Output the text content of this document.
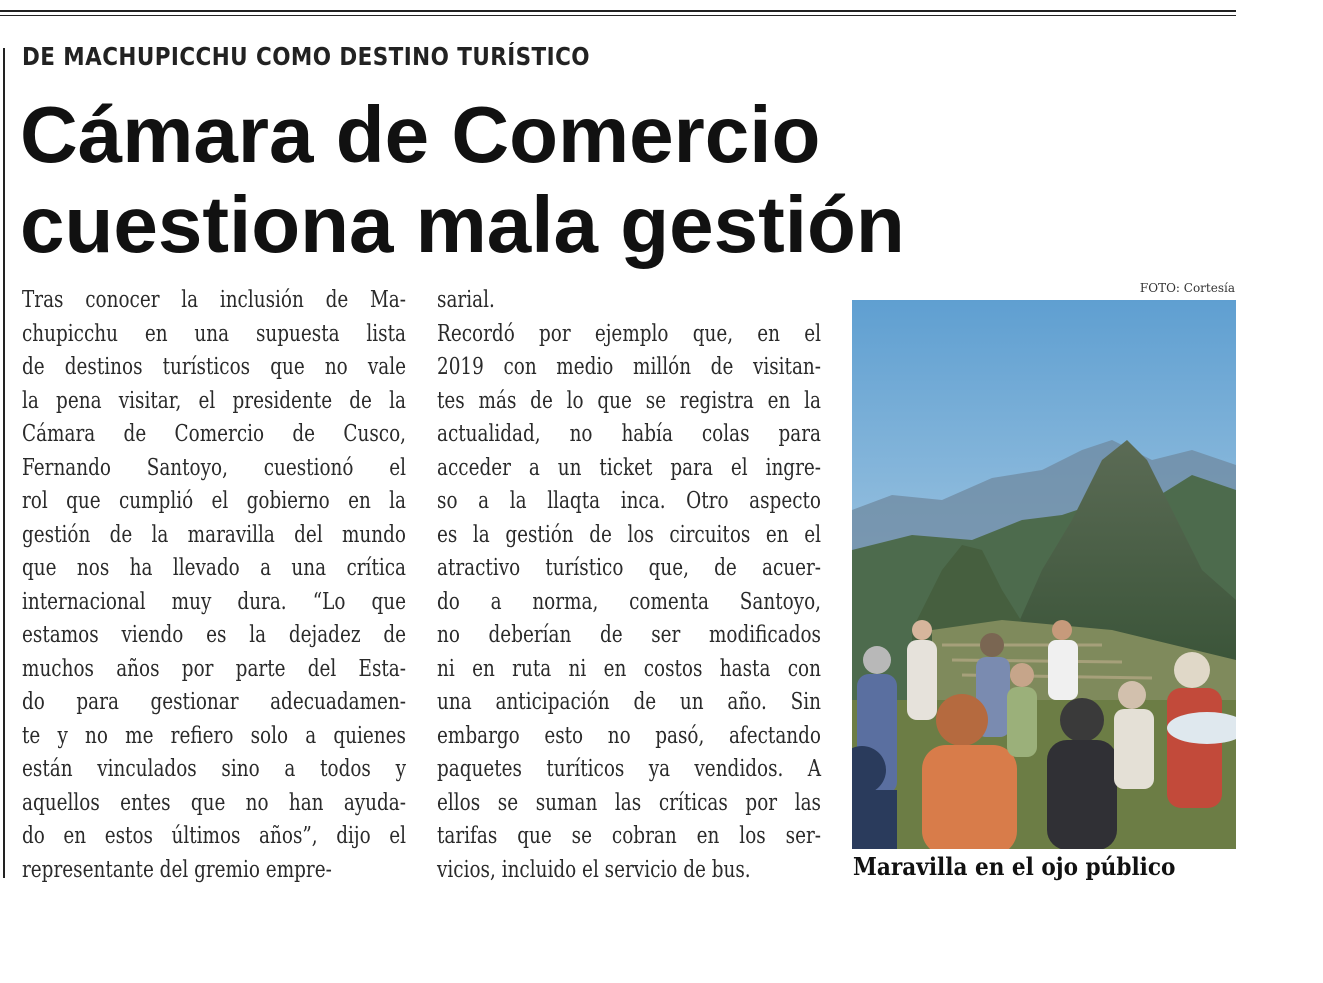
DE MACHUPICCHU COMO DESTINO TURÍSTICO
Cámara de Comercio
cuestiona mala gestión
Tras conocer la inclusión de Ma-
chupicchu en una supuesta lista
de destinos turísticos que no vale
la pena visitar, el presidente de la
Cámara de Comercio de Cusco,
Fernando Santoyo, cuestionó el
rol que cumplió el gobierno en la
gestión de la maravilla del mundo
que nos ha llevado a una crítica
internacional muy dura. “Lo que
estamos viendo es la dejadez de
muchos años por parte del Esta-
do para gestionar adecuadamen-
te y no me refiero solo a quienes
están vinculados sino a todos y
aquellos entes que no han ayuda-
do en estos últimos años”, dijo el
representante del gremio empre-
sarial.
Recordó por ejemplo que, en el
2019 con medio millón de visitan-
tes más de lo que se registra en la
actualidad, no había colas para
acceder a un ticket para el ingre-
so a la llaqta inca. Otro aspecto
es la gestión de los circuitos en el
atractivo turístico que, de acuer-
do a norma, comenta Santoyo,
no deberían de ser modificados
ni en ruta ni en costos hasta con
una anticipación de un año. Sin
embargo esto no pasó, afectando
paquetes turíticos ya vendidos. A
ellos se suman las críticas por las
tarifas que se cobran en los ser-
vicios, incluido el servicio de bus.

FOTO: Cortesía

Maravilla en el ojo público
